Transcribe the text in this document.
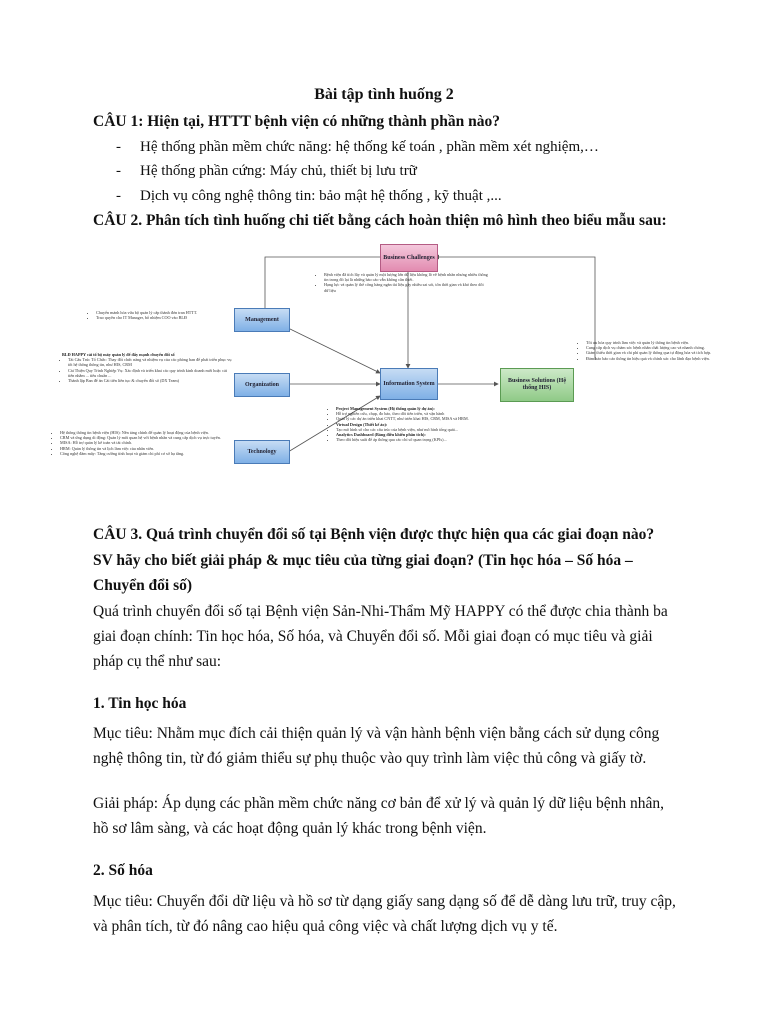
Bài tập tình huống 2
CÂU 1: Hiện tại, HTTT bệnh viện có những thành phần nào?
- Hệ thống phần mềm chức năng: hệ thống kế toán , phần mềm xét nghiệm,…
- Hệ thống phần cứng: Máy chủ, thiết bị lưu trữ
- Dịch vụ công nghệ thông tin: bảo mật hệ thống , kỹ thuật ,...
CÂU 2. Phân tích tình huống chi tiết bằng cách hoàn thiện mô hình theo biểu mẫu sau:
Business Challenges
Management
Organization
Technology
Information System	Business Solutions (Hệ thống HIS)
• Bệnh viện đã tích lũy và quản lý một lượng lớn dữ liệu khổng lồ về bệnh nhân nhưng nhiều thông tin trong đó lại là những báo cáo vẫn không cần thiết.
• Hạng lực và quản lý thể công hàng ngàn tài liệu gây nhiều sai sót, tốn thời gian và khó theo dõi dữ liệu
• Chuyển mảnh hóa vừa bộ quản lý cấp thành đơn tran HTTT.
• Trao quyền cho IT Manager, bổ nhiệm COO vào BLĐ
BLĐ HAPPY cải tổ bộ máy quản lý để đẩy mạnh chuyển đổi số
• Tái Cấu Trúc Tổ Chức: Thay đổi chức năng và nhiệm vụ của các phòng ban để phát triển phục vụ tốt hệ thống thông tin, như HIS, CRM
• Cải Thiện Quy Trình Nghiệp Vụ: Xác định và triển khai các quy trình kinh doanh mới hoặc cải tiến nhằm ... tiêu chuẩn ...
• Thành lập Ban để án Cải tiến liên tục & chuyển đổi số (DX Team)
• Hệ thống thông tin bệnh viện (HIS): Nền tảng chính để quản lý hoạt động của bệnh viện.
• CRM và ứng dụng di động: Quản lý mối quan hệ với bệnh nhân và cung cấp dịch vụ trực tuyến.
• MISA: Hỗ trợ quản lý kế toán và tài chính.
• HRM: Quản lý thông tin và lịch làm việc của nhân viên.
• Công nghệ đám mây: Tăng cường tính hoạt và giảm chi phí cơ sở hạ tầng.
• Project Management System (Hệ thống quản lý dự án):
• Hỗ trợ nghiên cứu, chụp, đo bảo, theo dõi tiến triển, và vận hành
• Quản lý các dự án triển khai CNTT, như triển khai HIS, CRM, MISA và HRM.
• Virtual Design (Thiết kế ảo):
• Tạo mô hình số cho các cấu trúc của bệnh viện, như mô hình tổng quát...
• Analytics Dashboard (Bảng điều khiển phân tích):
• Theo dõi hiệu suất để áp thống qua các chỉ số quan trọng (KPIs)...
• Tối ưu hóa quy trình làm việc và quản lý thông tin bệnh viện.
• Cung cấp dịch vụ chăm sóc bệnh nhân chất lượng cao và nhanh chóng.
• Giảm thiểu thời gian và chi phí quản lý thông qua tự động hóa và tích hợp.
• Đảm bảo báo cáo thông tin hiệu quả và chính xác cho lãnh đạo bệnh viện.
CÂU 3. Quá trình chuyển đổi số tại Bệnh viện được thực hiện qua các giai đoạn nào?
SV hãy cho biết giải pháp & mục tiêu của từng giai đoạn? (Tin học hóa – Số hóa –
Chuyển đổi số)
Quá trình chuyển đổi số tại Bệnh viện Sản-Nhi-Thẩm Mỹ HAPPY có thể được chia thành ba giai đoạn chính: Tin học hóa, Số hóa, và Chuyển đổi số. Mỗi giai đoạn có mục tiêu và giải pháp cụ thể như sau:
1. Tin học hóa
Mục tiêu: Nhằm mục đích cải thiện quản lý và vận hành bệnh viện bằng cách sử dụng công nghệ thông tin, từ đó giảm thiểu sự phụ thuộc vào quy trình làm việc thủ công và giấy tờ.
Giải pháp: Áp dụng các phần mềm chức năng cơ bản để xử lý và quản lý dữ liệu bệnh nhân, hồ sơ lâm sàng, và các hoạt động quản lý khác trong bệnh viện.
2. Số hóa
Mục tiêu: Chuyển đổi dữ liệu và hồ sơ từ dạng giấy sang dạng số để dễ dàng lưu trữ, truy cập, và phân tích, từ đó nâng cao hiệu quả công việc và chất lượng dịch vụ y tế.
